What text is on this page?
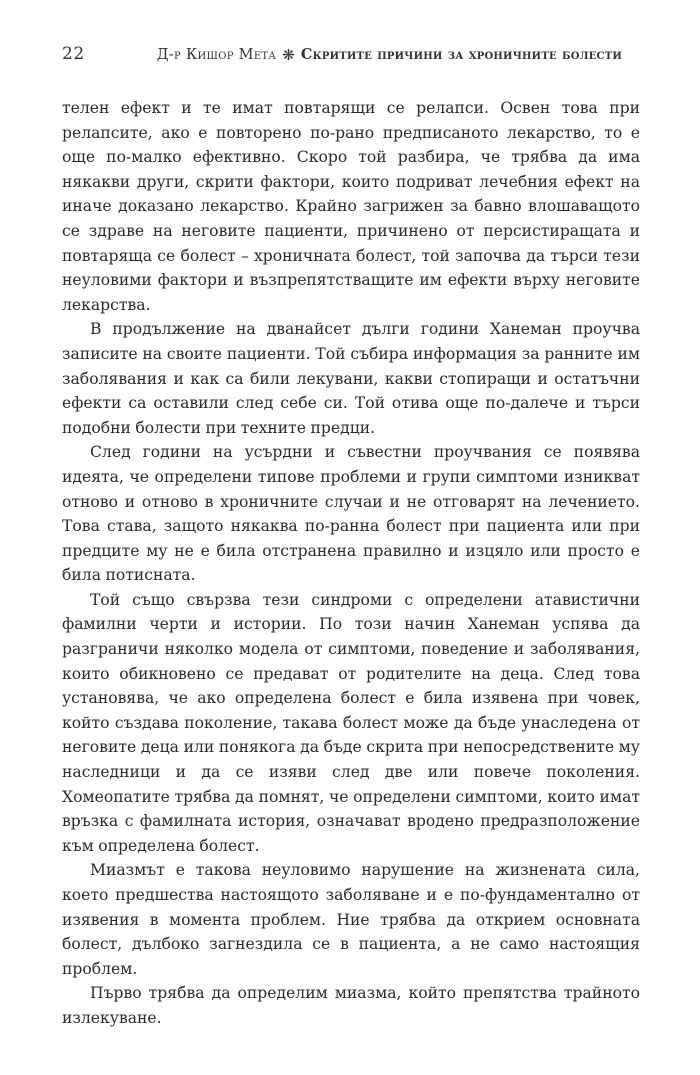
22	Д-р Кишор Мета ❋ Скритите причини за хроничните болести

телен ефект и те имат повтарящи се релапси. Освен това при релапсите, ако е повторено по-рано предписаното лекарство, то е още по-малко ефективно. Скоро той разбира, че трябва да има някакви други, скрити фактори, които подриват лечебния ефект на иначе доказано лекарство. Крайно загрижен за бавно влошаващото се здраве на неговите пациенти, причинено от персистиращата и повтаряща се болест – хроничната болест, той започва да търси тези неуловими фактори и възпрепятстващите им ефекти върху неговите лекарства.

В продължение на дванайсет дълги години Ханеман проучва записите на своите пациенти. Той събира информация за ранните им заболявания и как са били лекувани, какви стопиращи и остатъчни ефекти са оставили след себе си. Той отива още по-далече и търси подобни болести при техните предци.

След години на усърдни и съвестни проучвания се появява идеята, че определени типове проблеми и групи симптоми изникват отново и отново в хроничните случаи и не отговарят на лечението. Това става, защото някаква по-ранна болест при пациента или при предците му не е била отстранена правилно и изцяло или просто е била потисната.

Той също свързва тези синдроми с определени атавистични фамилни черти и истории. По този начин Ханеман успява да разграничи няколко модела от симптоми, поведение и заболявания, които обикновено се предават от родителите на деца. След това установява, че ако определена болест е била изявена при човек, който създава поколение, такава болест може да бъде унаследена от неговите деца или понякога да бъде скрита при непосредствените му наследници и да се изяви след две или повече поколения. Хомеопатите трябва да помнят, че определени симптоми, които имат връзка с фамилната история, означават вродено предразположение към определена болест.

Миазмът е такова неуловимо нарушение на жизнената сила, което предшества настоящото заболяване и е по-фундаментално от изявения в момента проблем. Ние трябва да открием основната болест, дълбоко загнездила се в пациента, а не само настоящия проблем.

Първо трябва да определим миазма, който препятства трайното излекуване.
